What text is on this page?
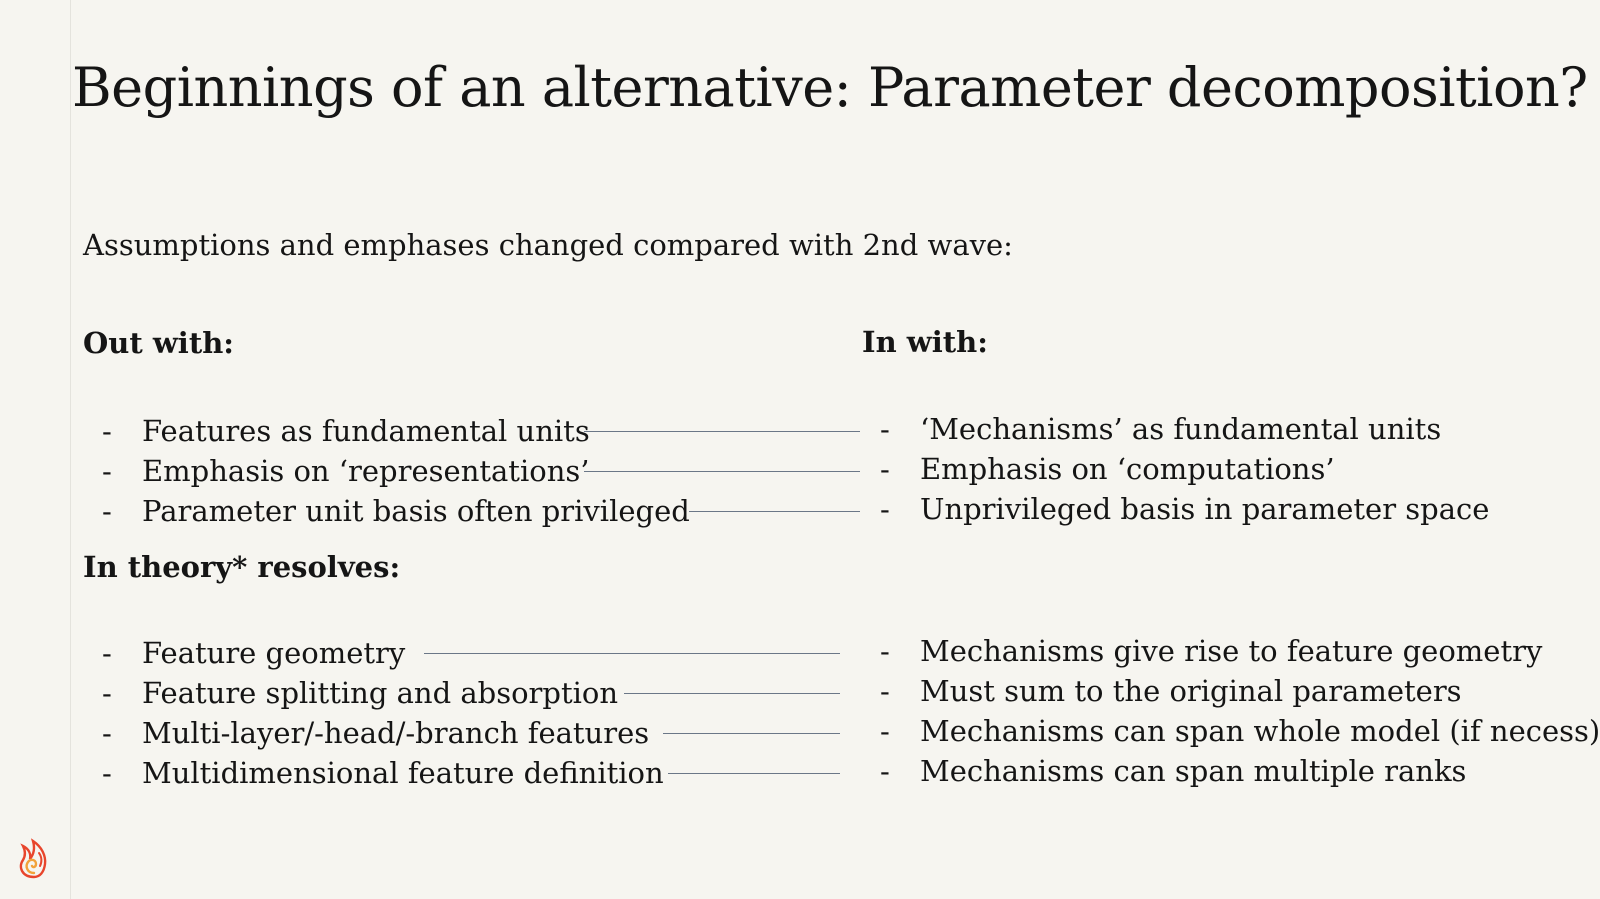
Beginnings of an alternative: Parameter decomposition?
Assumptions and emphases changed compared with 2nd wave:
Out with:	In with:
- Features as fundamental units
- Emphasis on ‘representations’
- Parameter unit basis often privileged
- ‘Mechanisms’ as fundamental units
- Emphasis on ‘computations’
- Unprivileged basis in parameter space
In theory* resolves:
- Feature geometry
- Feature splitting and absorption
- Multi-layer/-head/-branch features
- Multidimensional feature definition
- Mechanisms give rise to feature geometry
- Must sum to the original parameters
- Mechanisms can span whole model (if necess)
- Mechanisms can span multiple ranks
